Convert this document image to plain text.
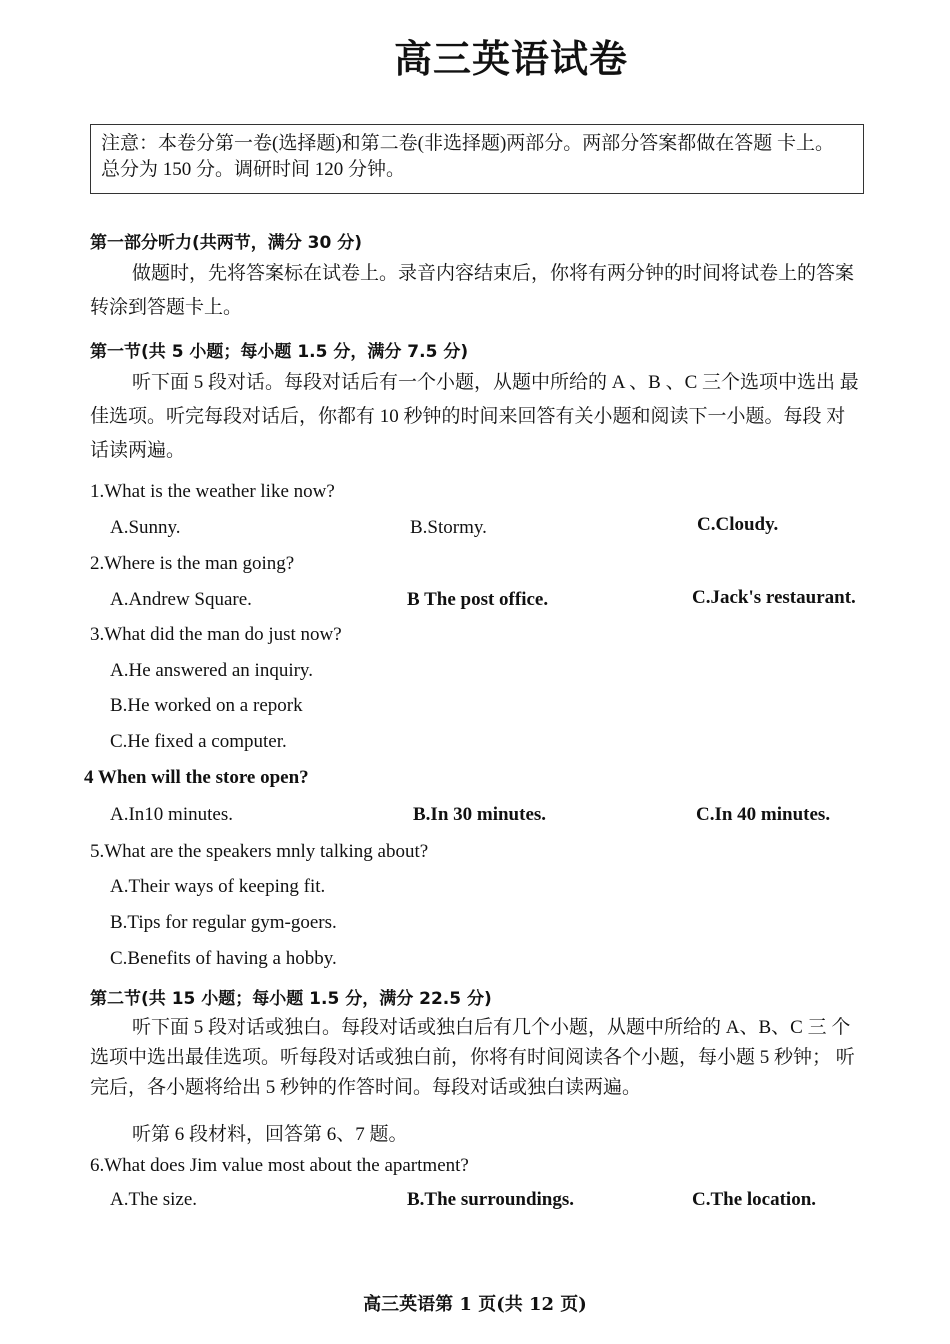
高三英语试卷
注意：本卷分第一卷(选择题)和第二卷(非选择题)两部分。两部分答案都做在答题 卡上。总分为 150 分。调研时间 120 分钟。
第一部分听力(共两节，满分 30 分)
做题时，先将答案标在试卷上。录音内容结束后，你将有两分钟的时间将试卷上的答案转涂到答题卡上。
第一节(共 5 小题；每小题 1.5 分，满分 7.5 分)
听下面 5 段对话。每段对话后有一个小题，从题中所给的 A 、B 、C 三个选项中选出 最佳选项。听完每段对话后，你都有 10 秒钟的时间来回答有关小题和阅读下一小题。每段 对话读两遍。
1.What is the weather like now?
A.Sunny.	B.Stormy.	C.Cloudy.
2.Where is the man going?
A.Andrew Square.	B The post office.	C.Jack's restaurant.
3.What did the man do just now?
A.He answered an inquiry.
B.He worked on a repork
C.He fixed a computer.
4 When will the store open?
A.In10 minutes.	B.In 30 minutes.	C.In 40 minutes.
5.What are the speakers mnly talking about?
A.Their ways of keeping fit.
B.Tips for regular gym-goers.
C.Benefits of having a hobby.
第二节(共 15 小题；每小题 1.5 分，满分 22.5 分)
听下面 5 段对话或独白。每段对话或独白后有几个小题，从题中所给的 A、B、C 三 个选项中选出最佳选项。听每段对话或独白前，你将有时间阅读各个小题，每小题 5 秒钟； 听完后，各小题将给出 5 秒钟的作答时间。每段对话或独白读两遍。
听第 6 段材料，回答第 6、7 题。
6.What does Jim value most about the apartment?
A.The size.	B.The surroundings.	C.The location.
高三英语第 1 页(共 12 页)
